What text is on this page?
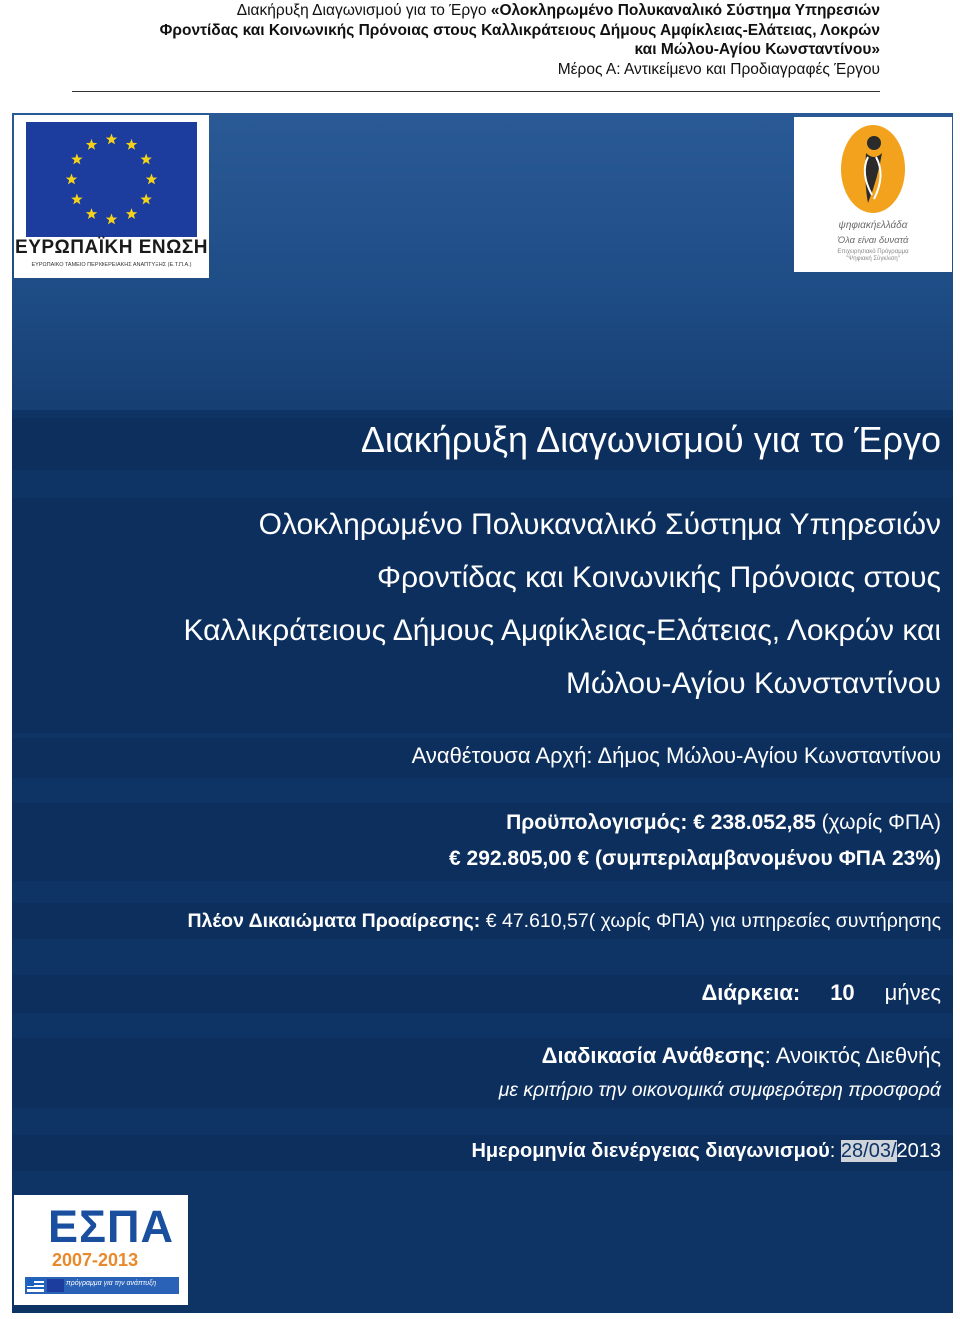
Διακήρυξη Διαγωνισμού για το Έργο «Ολοκληρωμένο Πολυκαναλικό Σύστημα Υπηρεσιών
Φροντίδας και Κοινωνικής Πρόνοιας στους Καλλικράτειους Δήμους Αμφίκλειας-Ελάτειας, Λοκρών
και Μώλου-Αγίου Κωνσταντίνου»
Μέρος Α: Αντικείμενο και Προδιαγραφές Έργου
ΕΥΡΩΠΑΪΚΗ ΕΝΩΣΗ
ΕΥΡΩΠΑΪΚΟ ΤΑΜΕΙΟ ΠΕΡΙΦΕΡΕΙΑΚΗΣ ΑΝΑΠΤΥΞΗΣ (Ε.Τ.Π.Α.)
ψηφιακήελλάδα
Όλα είναι δυνατά
Επιχειρησιακό Πρόγραμμα
"Ψηφιακή Σύγκλιση"
Διακήρυξη Διαγωνισμού για το Έργο
Ολοκληρωμένο Πολυκαναλικό Σύστημα Υπηρεσιών
Φροντίδας και Κοινωνικής Πρόνοιας στους
Καλλικράτειους Δήμους Αμφίκλειας-Ελάτειας, Λοκρών και
Μώλου-Αγίου Κωνσταντίνου
Αναθέτουσα Αρχή: Δήμος Μώλου-Αγίου Κωνσταντίνου
Προϋπολογισμός: € 238.052,85 (χωρίς ΦΠΑ)
€ 292.805,00 € (συμπεριλαμβανομένου ΦΠΑ 23%)
Πλέον Δικαιώματα Προαίρεσης: € 47.610,57( χωρίς ΦΠΑ) για υπηρεσίες συντήρησης
Διάρκεια: 10 μήνες
Διαδικασία Ανάθεσης: Ανοικτός Διεθνής
με κριτήριο την οικονομικά συμφερότερη προσφορά
Ημερομηνία διενέργειας διαγωνισμού: 28/03/2013
ΕΣΠΑ
2007-2013
πρόγραμμα για την ανάπτυξη
